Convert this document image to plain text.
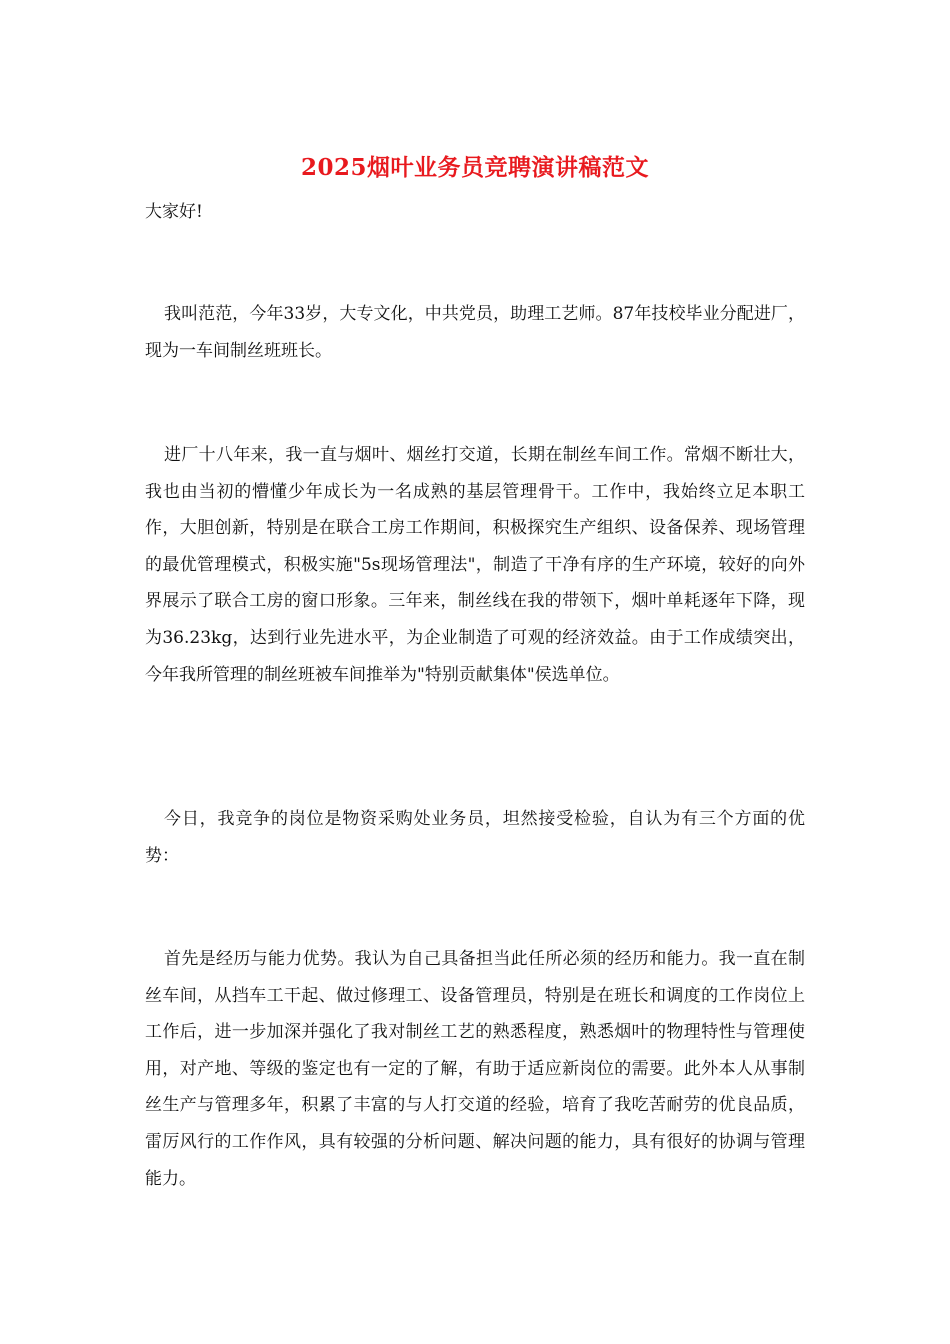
2025烟叶业务员竞聘演讲稿范文
大家好!

我叫范范，今年33岁，大专文化，中共党员，助理工艺师。87年技校毕业分配进厂，现为一车间制丝班班长。

进厂十八年来，我一直与烟叶、烟丝打交道，长期在制丝车间工作。常烟不断壮大，我也由当初的懵懂少年成长为一名成熟的基层管理骨干。工作中，我始终立足本职工作，大胆创新，特别是在联合工房工作期间，积极探究生产组织、设备保养、现场管理的最优管理模式，积极实施"5s现场管理法"，制造了干净有序的生产环境，较好的向外界展示了联合工房的窗口形象。三年来，制丝线在我的带领下，烟叶单耗逐年下降，现为36.23kg，达到行业先进水平，为企业制造了可观的经济效益。由于工作成绩突出，今年我所管理的制丝班被车间推举为"特别贡献集体"侯选单位。

今日，我竞争的岗位是物资采购处业务员，坦然接受检验，自认为有三个方面的优势：

首先是经历与能力优势。我认为自己具备担当此任所必须的经历和能力。我一直在制丝车间，从挡车工干起、做过修理工、设备管理员，特别是在班长和调度的工作岗位上工作后，进一步加深并强化了我对制丝工艺的熟悉程度，熟悉烟叶的物理特性与管理使用，对产地、等级的鉴定也有一定的了解，有助于适应新岗位的需要。此外本人从事制丝生产与管理多年，积累了丰富的与人打交道的经验，培育了我吃苦耐劳的优良品质，雷厉风行的工作作风，具有较强的分析问题、解决问题的能力，具有很好的协调与管理能力。
